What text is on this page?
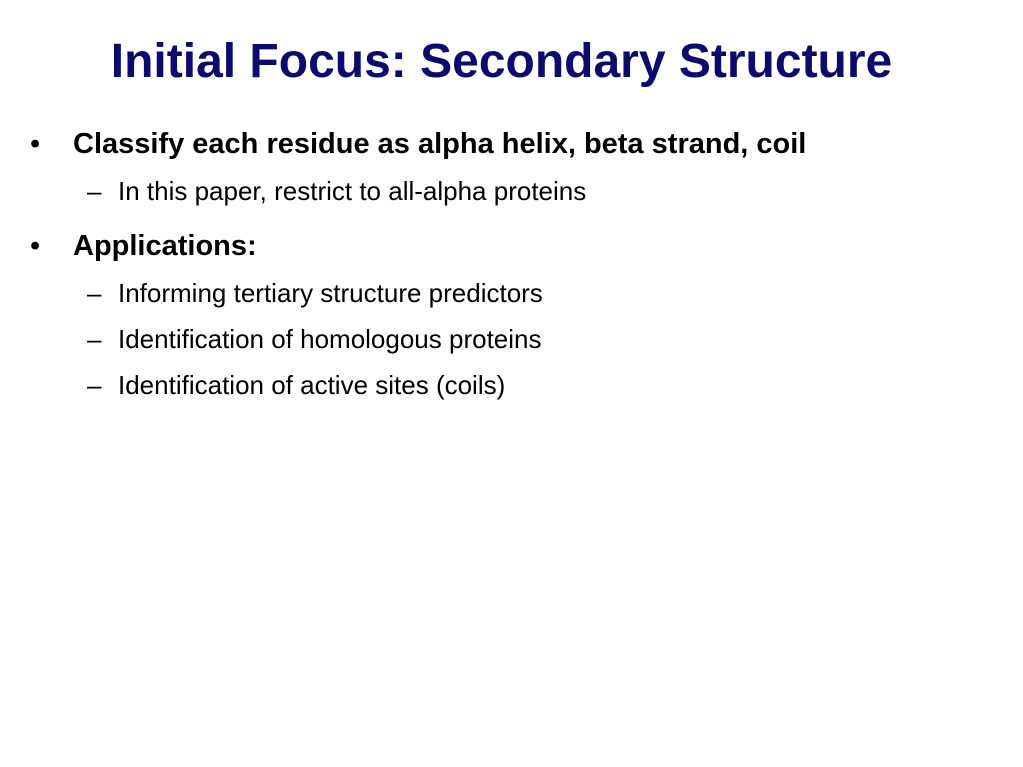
Initial Focus: Secondary Structure
• Classify each residue as alpha helix, beta strand, coil
– In this paper, restrict to all-alpha proteins
• Applications:
– Informing tertiary structure predictors
– Identification of homologous proteins
– Identification of active sites (coils)
